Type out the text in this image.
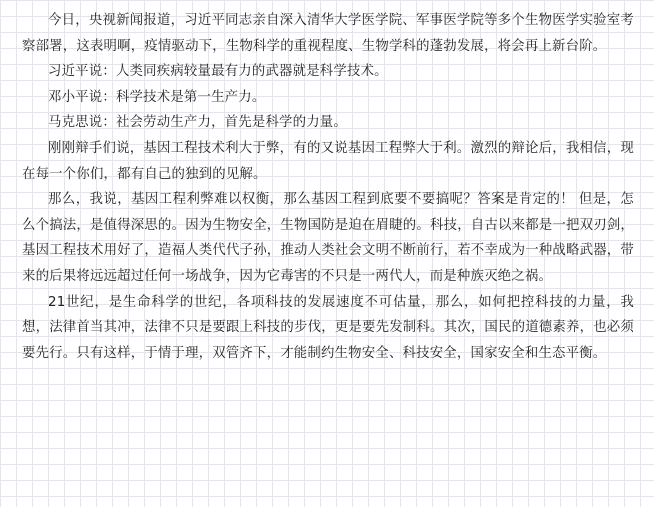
今日，央视新闻报道，习近平同志亲自深入清华大学医学院、军事医学院等多个生物医学实验室考察部署，这表明啊，疫情驱动下，生物科学的重视程度、生物学科的蓬勃发展，将会再上新台阶。

习近平说：人类同疾病较量最有力的武器就是科学技术。

邓小平说：科学技术是第一生产力。

马克思说：社会劳动生产力，首先是科学的力量。

刚刚辩手们说，基因工程技术利大于弊，有的又说基因工程弊大于利。激烈的辩论后，我相信，现在每一个你们，都有自己的独到的见解。

那么，我说，基因工程利弊难以权衡，那么基因工程到底要不要搞呢？答案是肯定的！ 但是，怎么个搞法，是值得深思的。因为生物安全，生物国防是迫在眉睫的。科技，自古以来都是一把双刃剑，基因工程技术用好了，造福人类代代子孙，推动人类社会文明不断前行，若不幸成为一种战略武器，带来的后果将远远超过任何一场战争，因为它毒害的不只是一两代人，而是种族灭绝之祸。

21世纪，是生命科学的世纪，各项科技的发展速度不可估量，那么，如何把控科技的力量，我想，法律首当其冲，法律不只是要跟上科技的步伐，更是要先发制科。其次，国民的道德素养，也必须要先行。只有这样，于情于理，双管齐下，才能制约生物安全、科技安全，国家安全和生态平衡。
